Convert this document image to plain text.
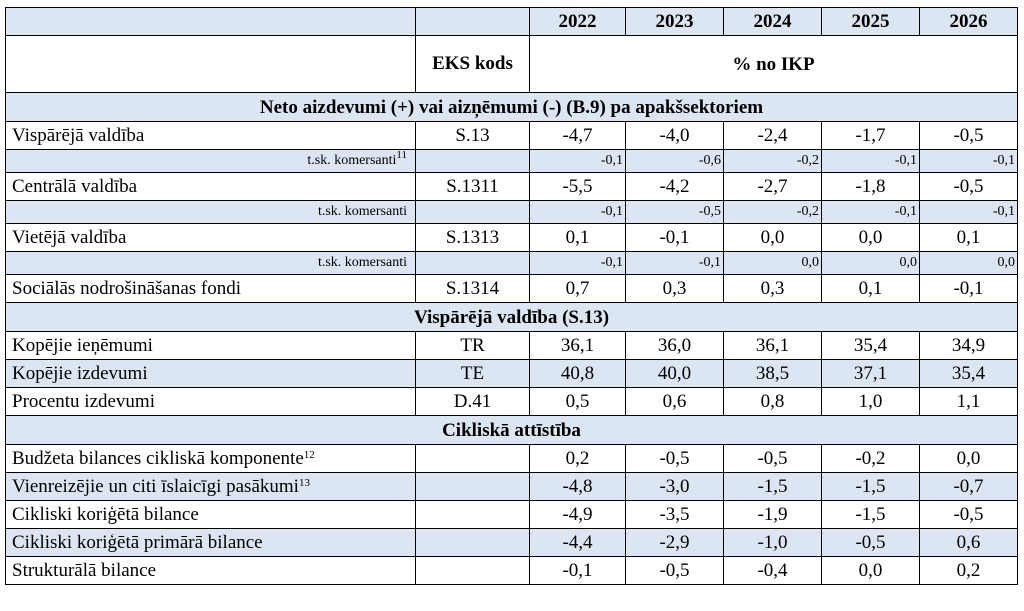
		2022	2023	2024	2025	2026
	EKS kods	% no IKP				
Neto aizdevumi (+) vai aizņēmumi (-) (B.9) pa apakšsektoriem						
Vispārējā valdība	S.13	-4,7	-4,0	-2,4	-1,7	-0,5
t.sk. komersanti$^{11}$		-0,1	-0,6	-0,2	-0,1	-0,1
Centrālā valdība	S.1311	-5,5	-4,2	-2,7	-1,8	-0,5
t.sk. komersanti		-0,1	-0,5	-0,2	-0,1	-0,1
Vietējā valdība	S.1313	0,1	-0,1	0,0	0,0	0,1
t.sk. komersanti		-0,1	-0,1	0,0	0,0	0,0
Sociālās nodrošināšanas fondi	S.1314	0,7	0,3	0,3	0,1	-0,1
Vispārējā valdība (S.13)						
Kopējie ieņēmumi	TR	36,1	36,0	36,1	35,4	34,9
Kopējie izdevumi	TE	40,8	40,0	38,5	37,1	35,4
Procentu izdevumi	D.41	0,5	0,6	0,8	1,0	1,1
Cikliskā attīstība						
Budžeta bilances cikliskā komponente$^{12}$		0,2	-0,5	-0,5	-0,2	0,0
Vienreizējie un citi īslaicīgi pasākumi$^{13}$		-4,8	-3,0	-1,5	-1,5	-0,7
Cikliski koriģētā bilance		-4,9	-3,5	-1,9	-1,5	-0,5
Cikliski koriģētā primārā bilance		-4,4	-2,9	-1,0	-0,5	0,6
Strukturālā bilance		-0,1	-0,5	-0,4	0,0	0,2
